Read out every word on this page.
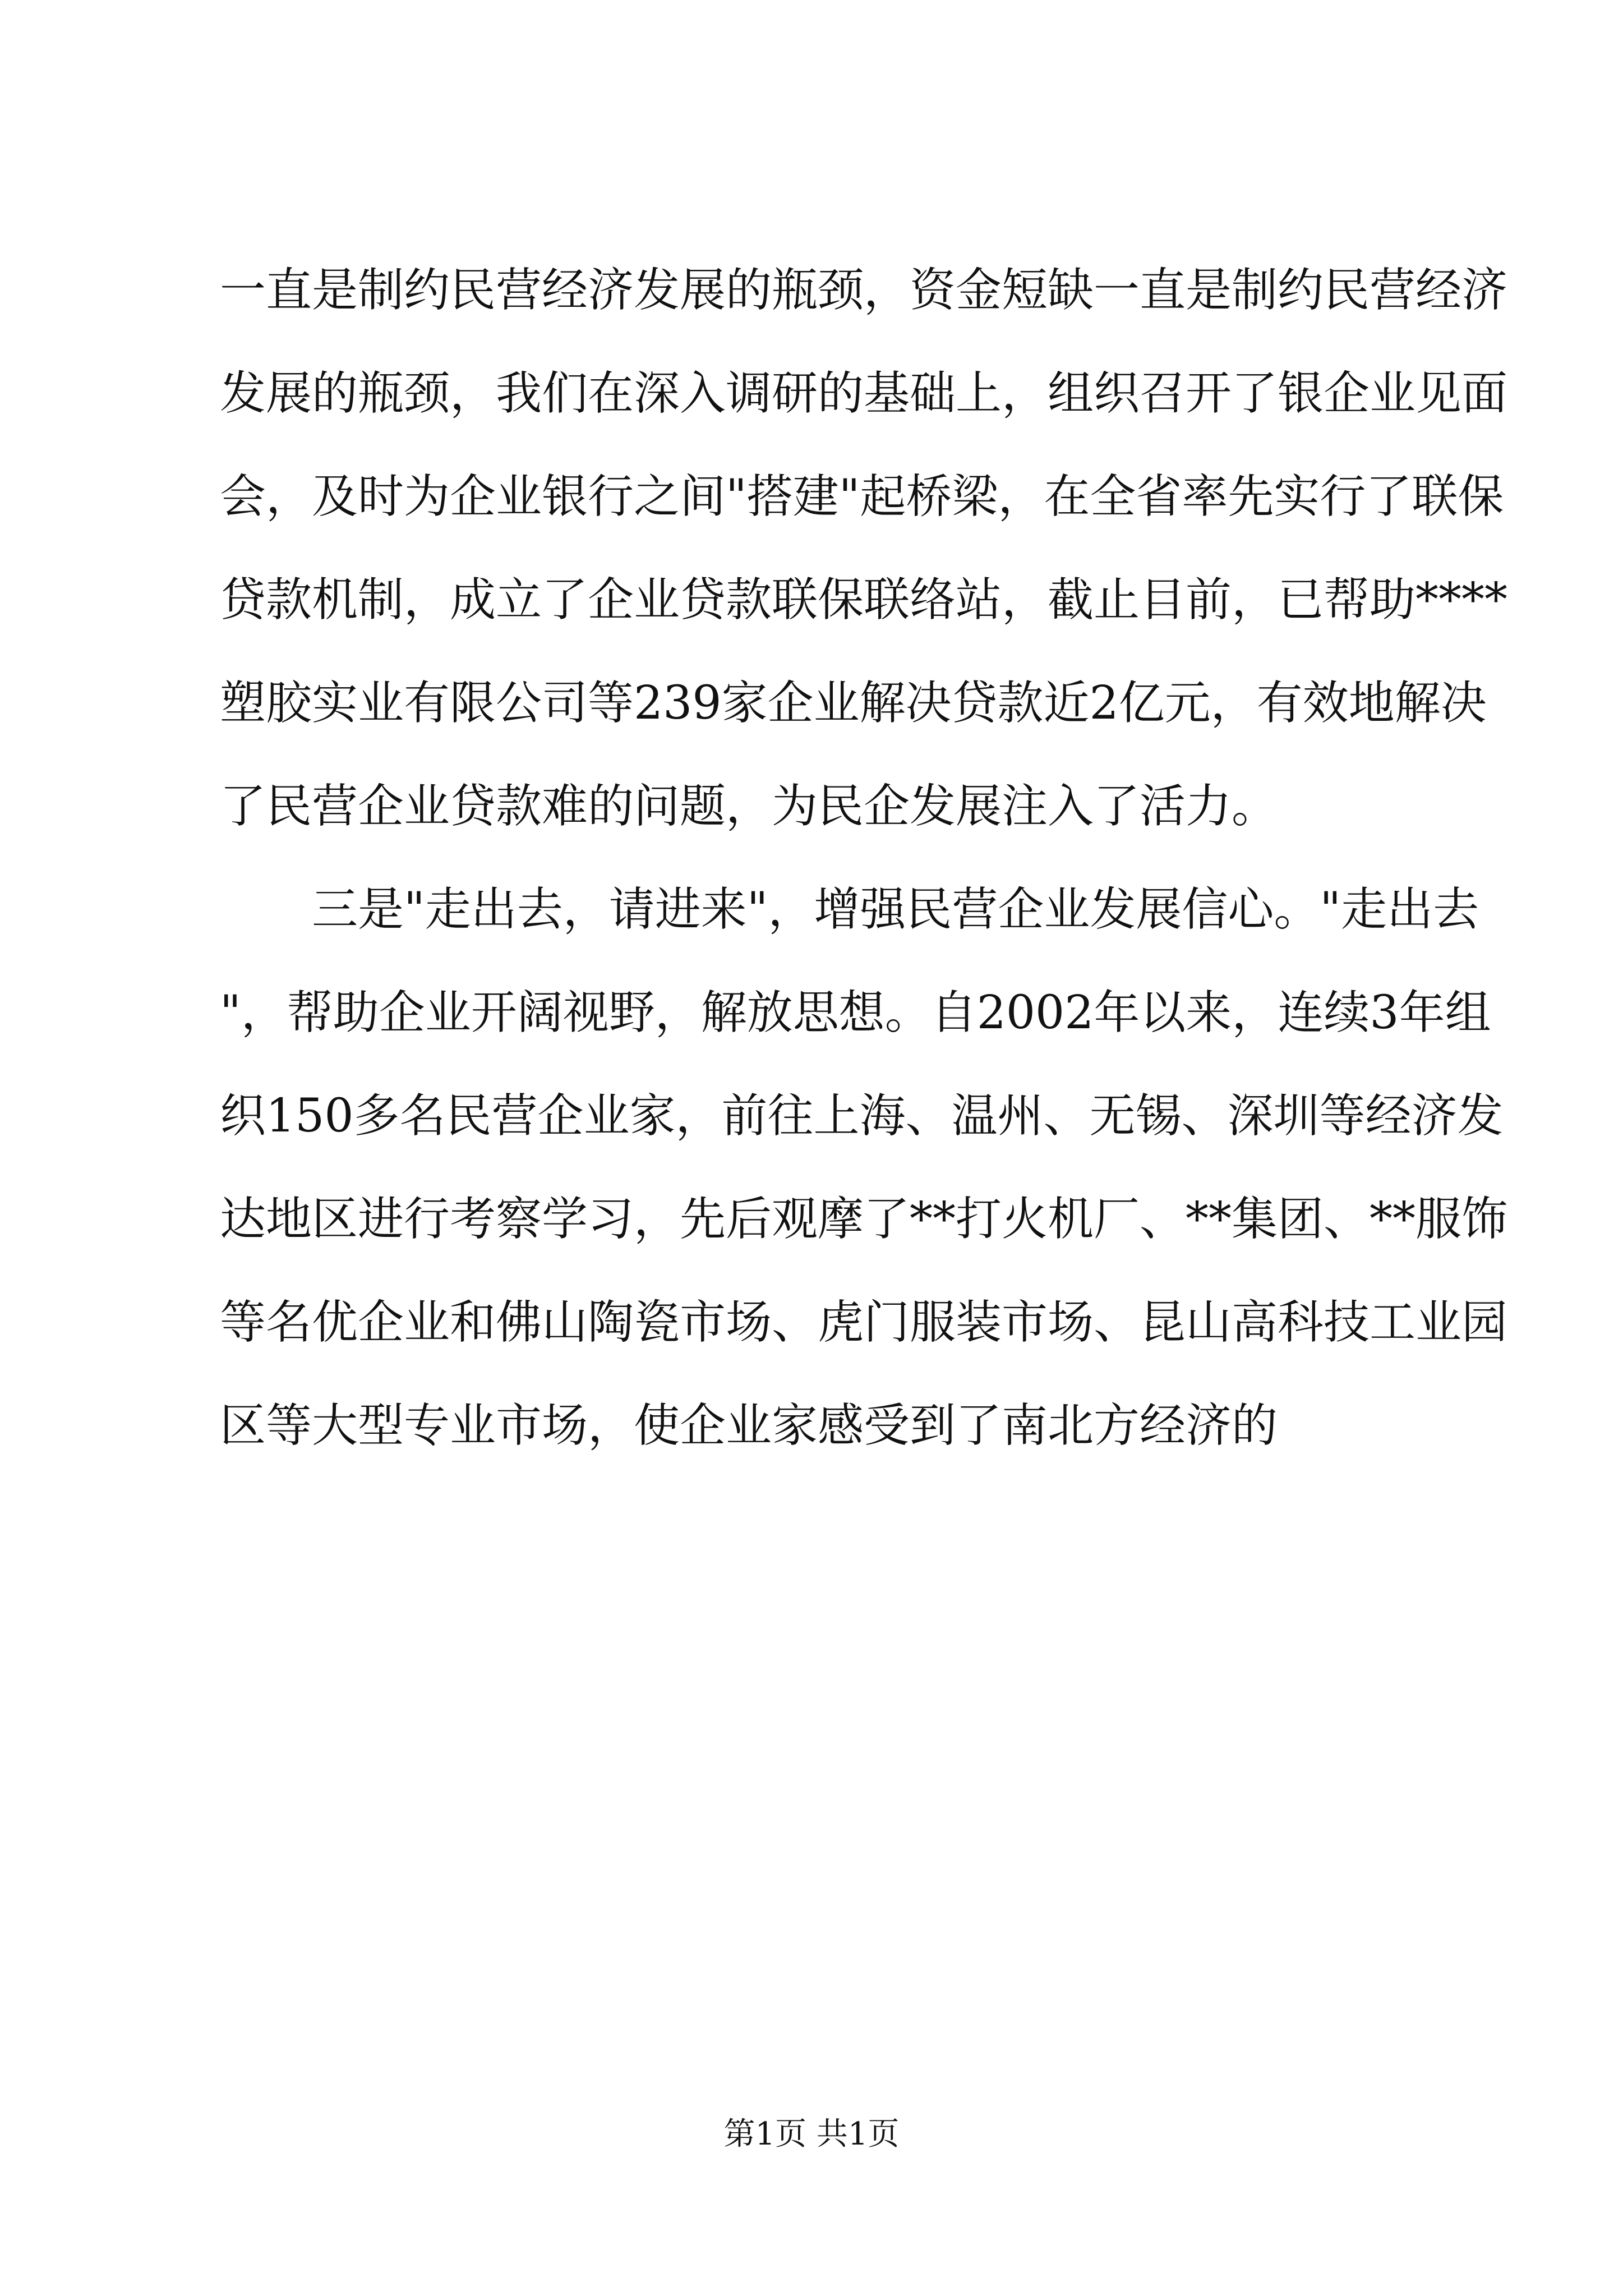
一直是制约民营经济发展的瓶颈，资金短缺一直是制约民营经济
发展的瓶颈，我们在深入调研的基础上，组织召开了银企业见面
会，及时为企业银行之间"搭建"起桥梁，在全省率先实行了联保
贷款机制，成立了企业贷款联保联络站，截止目前，已帮助****
塑胶实业有限公司等239家企业解决贷款近2亿元，有效地解决
了民营企业贷款难的问题，为民企发展注入了活力。
三是"走出去，请进来"，增强民营企业发展信心。"走出去
"，帮助企业开阔视野，解放思想。自2002年以来，连续3年组
织150多名民营企业家，前往上海、温州、无锡、深圳等经济发
达地区进行考察学习，先后观摩了**打火机厂、**集团、**服饰
等名优企业和佛山陶瓷市场、虎门服装市场、昆山高科技工业园
区等大型专业市场，使企业家感受到了南北方经济的
第1页 共1页
